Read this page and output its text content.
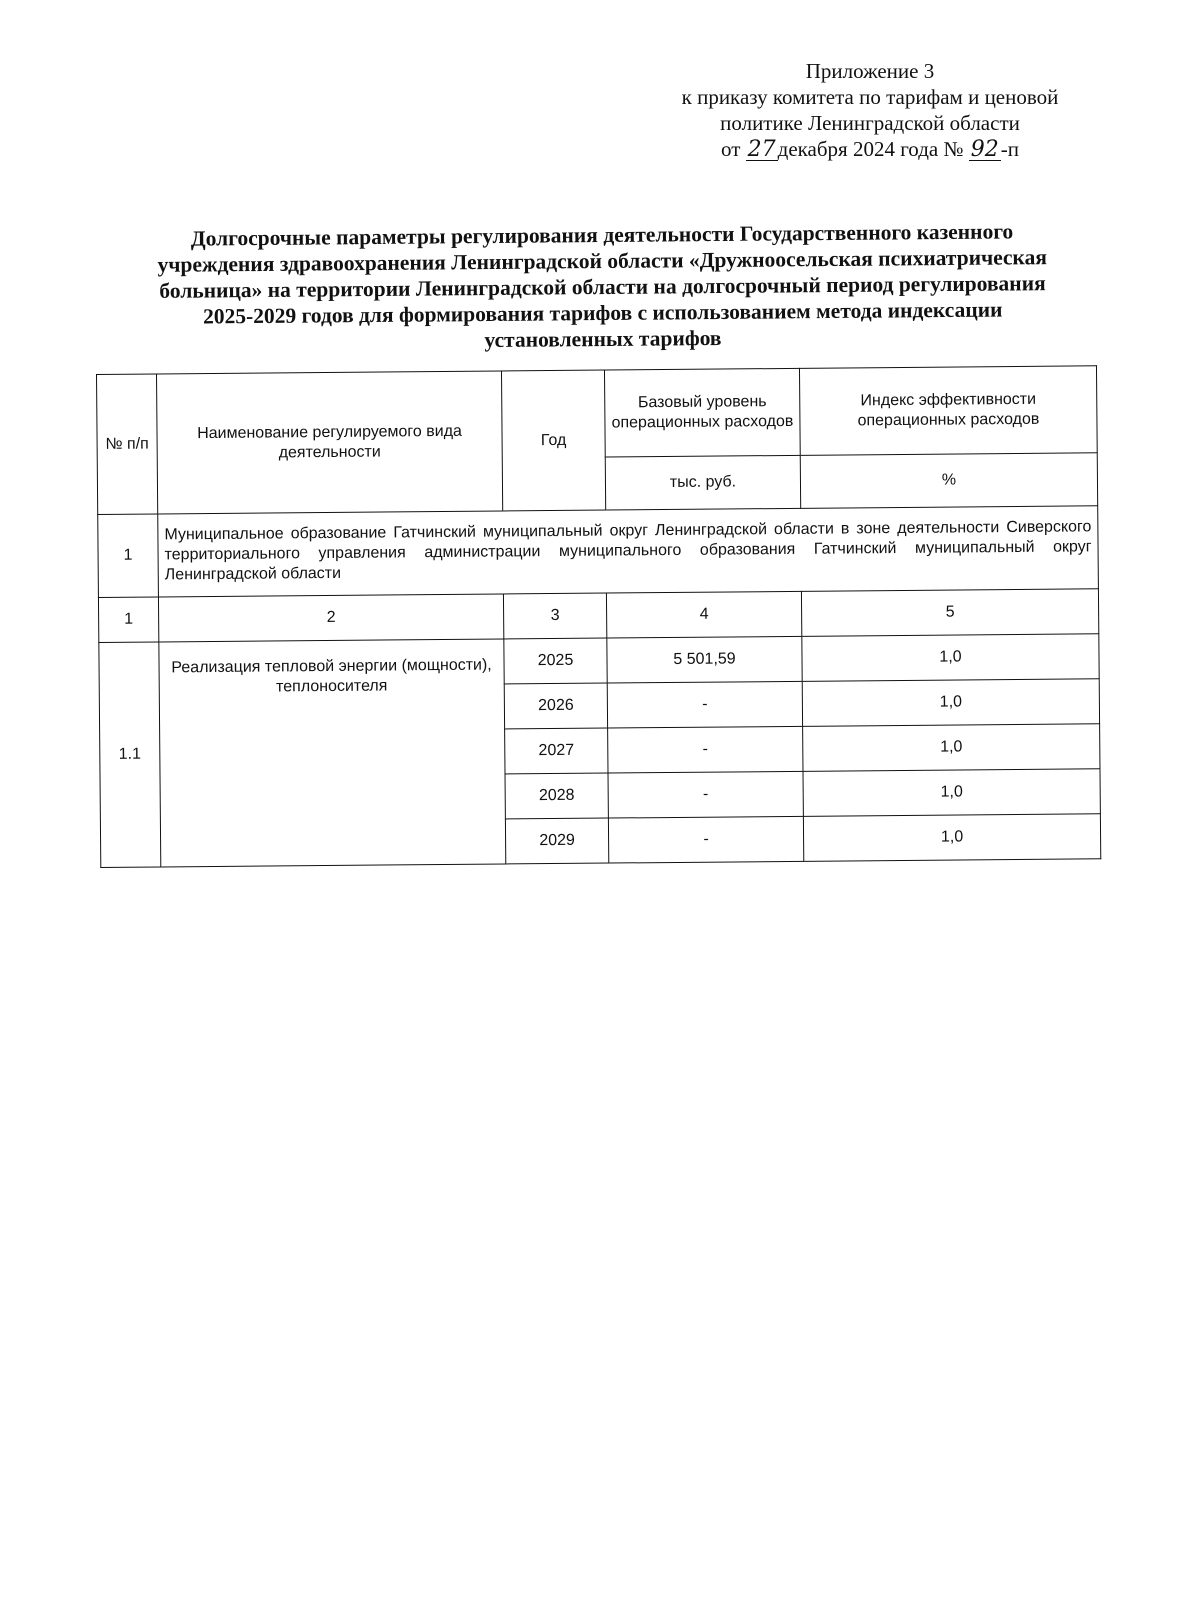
Приложение 3
к приказу комитета по тарифам и ценовой
политике Ленинградской области
от 27декабря 2024 года № 92-п
Долгосрочные параметры регулирования деятельности Государственного казенного
учреждения здравоохранения Ленинградской области «Дружноосельская психиатрическая
больница» на территории Ленинградской области на долгосрочный период регулирования
2025-2029 годов для формирования тарифов с использованием метода индексации
установленных тарифов
№ п/п	Наименование регулируемого вида деятельности	Год	Базовый уровень операционных расходов	Индекс эффективности операционных расходов
			тыс. руб.	%
1	Муниципальное образование Гатчинский муниципальный округ Ленинградской области в зоне деятельности Сиверского территориального управления администрации муниципального образования Гатчинский муниципальный округ Ленинградской области			
1	2	3	4	5
1.1	Реализация тепловой энергии (мощности), теплоносителя	2025	5 501,59	1,0
		2026	-	1,0
		2027	-	1,0
		2028	-	1,0
		2029	-	1,0
